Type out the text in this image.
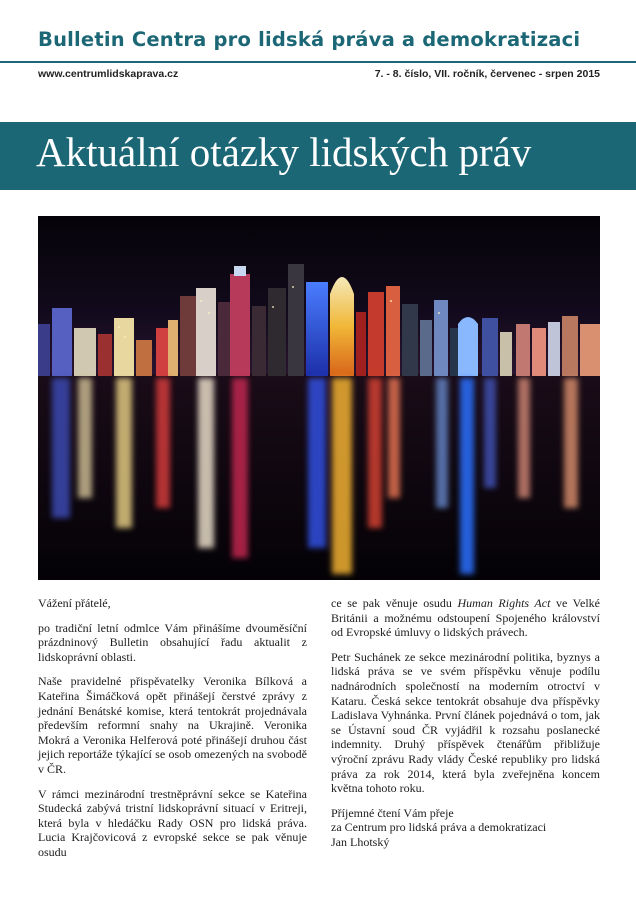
Bulletin Centra pro lidská práva a demokratizaci
www.centrumlidskaprava.cz	7. - 8. číslo, VII. ročník, červenec - srpen 2015
Aktuální otázky lidských práv

Vážení přátelé,

po tradiční letní odmlce Vám přinášíme dvouměsíční prázdninový Bulletin obsahující řadu aktualit z lidskoprávní oblasti.

Naše pravidelné přispěvatelky Veronika Bílková a Kateřina Šimáčková opět přinášejí čerstvé zprávy z jednání Benátské komise, která tentokrát projednávala především reformní snahy na Ukrajině. Veronika Mokrá a Veronika Helferová poté přinášejí druhou část jejich reportáže týkající se osob omezených na svobodě v ČR.

V rámci mezinárodní trestněprávní sekce se Kateřina Studecká zabývá tristní lidskoprávní situací v Eritreji, která byla v hledáčku Rady OSN pro lidská práva. Lucia Krajčovicová z evropské sekce se pak věnuje osudu

ce se pak věnuje osudu Human Rights Act ve Velké Británii a možnému odstoupení Spojeného království od Evropské úmluvy o lidských právech.

Petr Suchánek ze sekce mezinárodní politika, byznys a lidská práva se ve svém příspěvku věnuje podílu nadnárodních společností na moderním otroctví v Kataru. Česká sekce tentokrát obsahuje dva příspěvky Ladislava Vyhnánka. První článek pojednává o tom, jak se Ústavní soud ČR vyjádřil k rozsahu poslanecké indemnity. Druhý příspěvek čtenářům přibližuje výroční zprávu Rady vlády České republiky pro lidská práva za rok 2014, která byla zveřejněna koncem května tohoto roku.

Příjemné čtení Vám přeje
za Centrum pro lidská práva a demokratizaci
Jan Lhotský
